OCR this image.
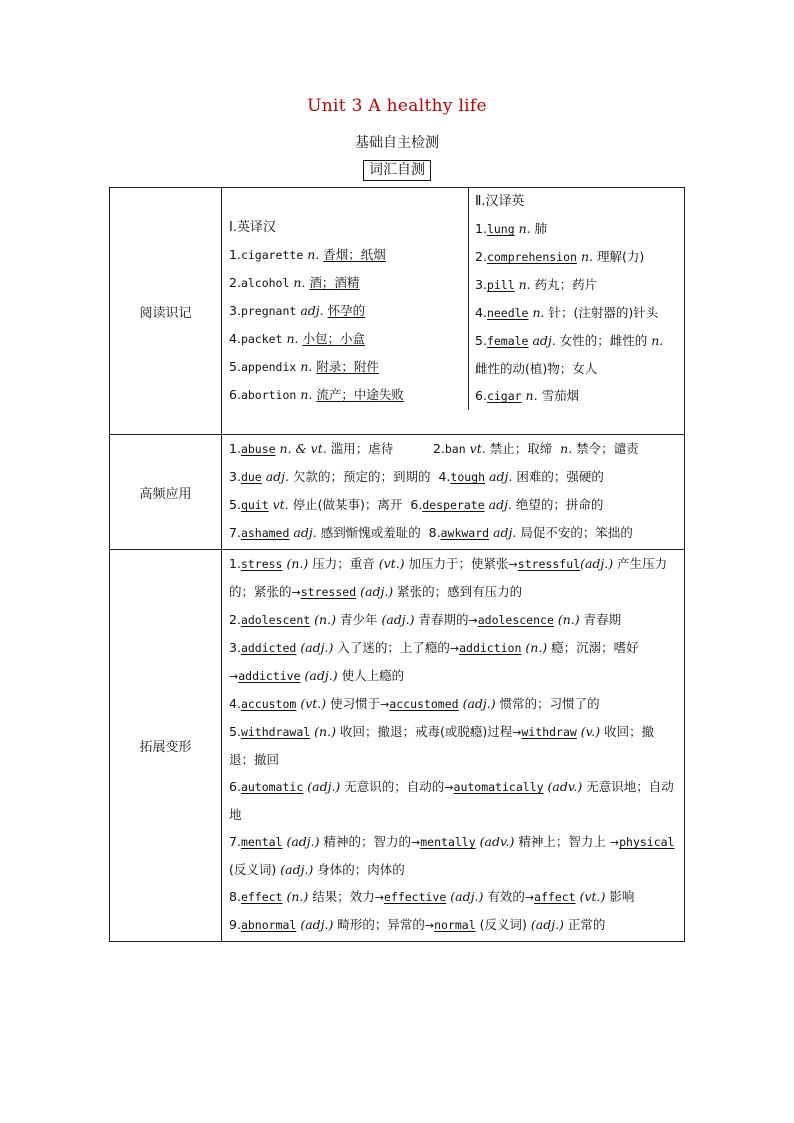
Unit 3 A healthy life
基础自主检测
词汇自测
阅读识记	
Ⅰ.英译汉
1.cigarette n. 香烟；纸烟
2.alcohol n. 酒；酒精
3.pregnant adj. 怀孕的
4.packet n. 小包；小盒
5.appendix n. 附录；附件
6.abortion n. 流产；中途失败

Ⅱ.汉译英
1.lung n. 肺
2.comprehension n. 理解(力)
3.pill n. 药丸；药片
4.needle n. 针；(注射器的)针头
5.female adj. 女性的；雌性的 n. 雌性的动(植)物；女人
6.cigar n. 雪茄烟

高频应用	
1.abuse n. & vt. 滥用；虐待	2.ban vt. 禁止；取缔 n. 禁令；谴责
3.due adj. 欠款的；预定的；到期的 4.tough adj. 困难的；强硬的
5.quit vt. 停止(做某事)；离开 6.desperate adj. 绝望的；拼命的
7.ashamed adj. 感到惭愧或羞耻的 8.awkward adj. 局促不安的；笨拙的

拓展变形	
1.stress (n.) 压力；重音 (vt.) 加压力于；使紧张→stressful(adj.) 产生压力的；紧张的→stressed (adj.) 紧张的；感到有压力的
2.adolescent (n.) 青少年 (adj.) 青春期的→adolescence (n.) 青春期
3.addicted (adj.) 入了迷的；上了瘾的→addiction (n.) 瘾；沉溺；嗜好→addictive (adj.) 使人上瘾的
4.accustom (vt.) 使习惯于→accustomed (adj.) 惯常的；习惯了的
5.withdrawal (n.) 收回；撤退；戒毒(或脱瘾)过程→withdraw (v.) 收回；撤退；撤回
6.automatic (adj.) 无意识的；自动的→automatically (adv.) 无意识地；自动地
7.mental (adj.) 精神的；智力的→mentally (adv.) 精神上；智力上 →physical (反义词) (adj.) 身体的；肉体的
8.effect (n.) 结果；效力→effective (adj.) 有效的→affect (vt.) 影响
9.abnormal (adj.) 畸形的；异常的→normal (反义词) (adj.) 正常的
